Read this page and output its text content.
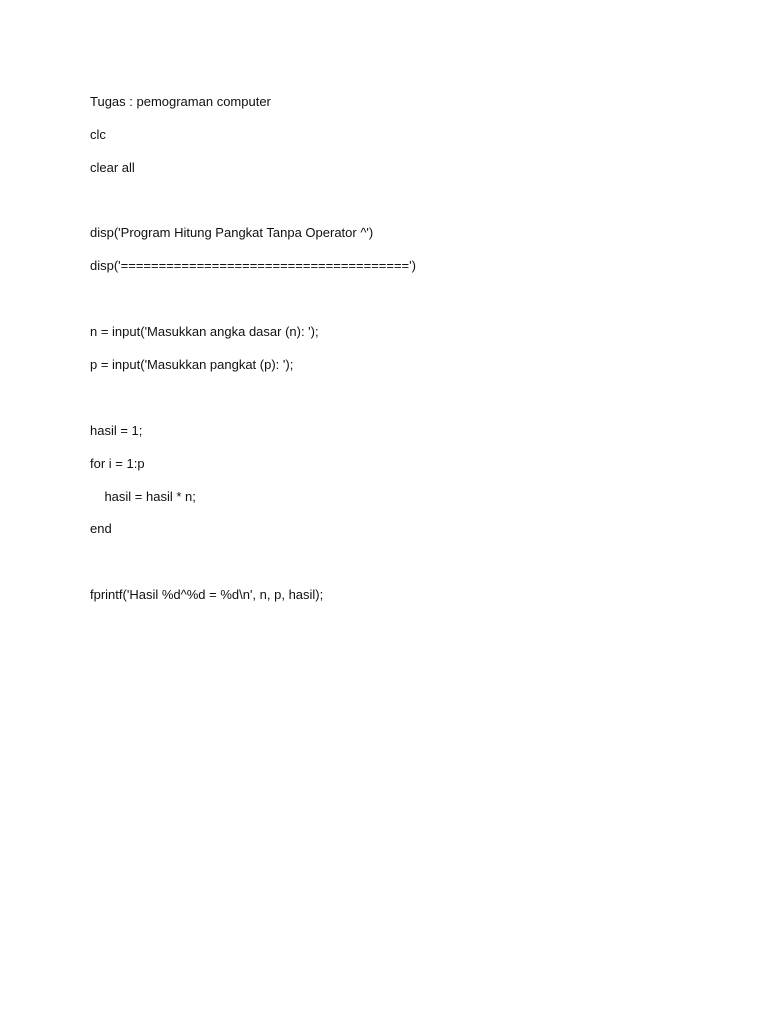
Tugas : pemograman computer

clc

clear all

disp('Program Hitung Pangkat Tanpa Operator ^')

disp('======================================')

n = input('Masukkan angka dasar (n): ');

p = input('Masukkan pangkat (p): ');

hasil = 1;

for i = 1:p

hasil = hasil * n;

end

fprintf('Hasil %d^%d = %d\n', n, p, hasil);
